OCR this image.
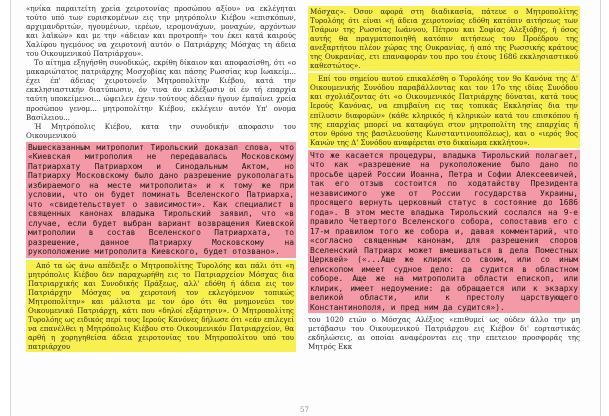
«ηνίκα παραιτείτη χρεία χειροτονίας προσώπου αξίου» να εκλέγηται τούτο υπό των ευρισκομένων εις την μητρόπολιν Κιέβου «επισκόπων, αρχιμανδριτών, ηγουμένων, ιερέων, ιερομονάχων, μοναχών, αρχόντων και λαϊκών» και με την «άδειαν και προτροπή» του έκει κατά καιρούς Χαλίφου ηγεμόνος να χειροτονή αυτόν ο Πατριάρχης Μόσχας τη άδεια του Οικουμενικού Πατριάρχου».

Το αίτημα εξηγήσθη συνοδικώς, εκρίθη δίκαιον και αποφασίσθη, ότι «ο μακαριώτατος πατριάρχης Μοσχοβίας και πάσης Ρωσσίας κυρ Ιωακείμ... έχει έπ' άδειας χειροτονεΐν Μητροπολίτην Κιέβου, κατά την εκκλησιαστικήν διατύπωσιν, όν τινα άν εκλέξωσιν οί έν τή επαρχία ταύτη υποκείμενοι... ώφειλεν έχειν τούτους άδειαν ήγουν έμπαίνει χρεία προσώπου γενομ... μητροπολίτην Κιέβου, εκλέγειν αυτόν Υπ' ονομα Βασίλειου...

Ή Μητρόπολις Κιέβου, κατα την συνοδικήν αποφασιν του Οικουμενικού

Вышесказанным митрополит Тирольский доказал слова, что «Киевская митрополия не передавалась Московскому Патриархату Патриархом и Синодальным Актом, но Патриарху Московскому было дано разрешение рукополагать избираемого на месте митрополита» и к тому же при условии, что он будет поминать Вселенского Патриарха, что «свидетельствует о зависимости». Как специалист в священных канонах владыка Тирольский заявил, что «в случае, если будет выбран вариант возвращения Киевской митрополии в состав Вселенского Патриархата, то разрешение, данное Патриарху Московскому на рукоположение митрополита Киевского, будет отозвано».

Από τα ώς άνω απέδειξε ο Μητροπολίτης Τυρολόης και πάλι ότι «η μητρόπολις Κιέβου δεν παραχωρήθη εις το Πατριαρχείον Μόσχας δια Πατριαρχικής και Συνοδικής Πράξεως, αλλ' εδόθη ή άδεια εις τον Πατριάρχην Μόσχας να χειροτονή τον εκλεγόμενον τοπικώς Μητροπολίτην» και μάλιστα με τον όρο ότι θα μνημονεύει τον Οικουμενικό Πατριάρχη, κάτι που «δηλοί εξάρτησιν». Ο Μητροπολίτης Τυρολόης ως ειδικός περί τους Ιερούς Κανόνες δήλωσε ότι «εάν επιλεγεί να επανέλθει η Μητρόπολις Κιέβου στο Οικουμενικόν Πατριαρχείον, θα αρθή η χορηγηθείσα άδεια χειροτονίας του Μητροπολίτου υπό του πατριάρχου

Μόσχας». Όσον αφορά στη διαδικασία, πάτευε ο Μητροπολίτης Τυρολόης ότι είναι «ή άδεια χειροτονίας εδόθη κατόπιν αιτήσεως των Τσάρων της Ρωσσίας Ιωάννου, Πέτρου και Σοφίας Αλεξιόβης, ή όσος αυτής θα πραγματοποιηθή κατόπιν αιτήσεως του Προέδρου της ανεξαρτήτου πλέον χώρας της Ουκρανίας, ή από της Ρωσσικής κράτους της Ουκρανίας, ετι επαναφοράν του προ του έτους 1686 εκκλησιαστικού καθεστώτος».

Επί του σημείου αυτού επικαλέσθη ο Τυρολόης τον 9ο Κανόνα της Δ' Οικουμενικής Συνόδου παραβάλλοντας και τον 17ο της ιδίας Συνόδου και σχολιάζοντας ότι «ο Οικουμενικός Πατριάρχης δύναται, κατά τους Ιερούς Κανόνας, να επιμβαίνη εις τας τοπικάς Εκκλησίας δια την επίλυσιν διαφορών» (κάθε κληρικός ή κληρικών κατά του επισκόπου ή της επαρχίας μπορεί να καταφύγει στον μητροπολίτη της επαρχίας ή στον θρόνο της βασιλευούσης Κωνσταντινουπόλεως), και ο «ιερός 9ος Κανών της Δ' Συνόδου αναφέρεται στο δικαίωμα εκκλήτου».

Что же касается процедуры, владыка Тирольский полагает, что как «разрешение на рукоположение было дано по просьбе царей России Иоанна, Петра и Софии Алексеевичей, так его отзыв состоится по ходатайству Президента независимого уже от России государства Украины, просящего вернуть церковный статус в состояние до 1686 года». В этом месте владыка Тирольский сослался на 9-е правило Четвертого Вселенского собора, сопоставив его с 17-м правилом того же собора и, давая комментарий, что «согласно священным канонам, для разрешения споров Вселенский Патриарх может вмешиваться в дела Поместных Церквей» («...Аще же клирик со своим, или со иным епископом имеет судное дело: да судится в областном соборе. Аще же на митрополита области епископ, или клирик, имеет недоумение: да обращается или к экзарху великой области, или к престолу царствующего Константинополя, и пред ним да судится»).

του 1020 ετών ο Μόσχας Αλέξιος «επιθυμεί ως ούδεν άλλο την μη μετάβασιν του Οικουμενικού Πατριάρχου εις Κιέβον δι' εορταστικάς εκδηλώσεις, αι οποίαι αναφέρονται εις την επετειον προσφοράς της Μητρός Εκκ

57
